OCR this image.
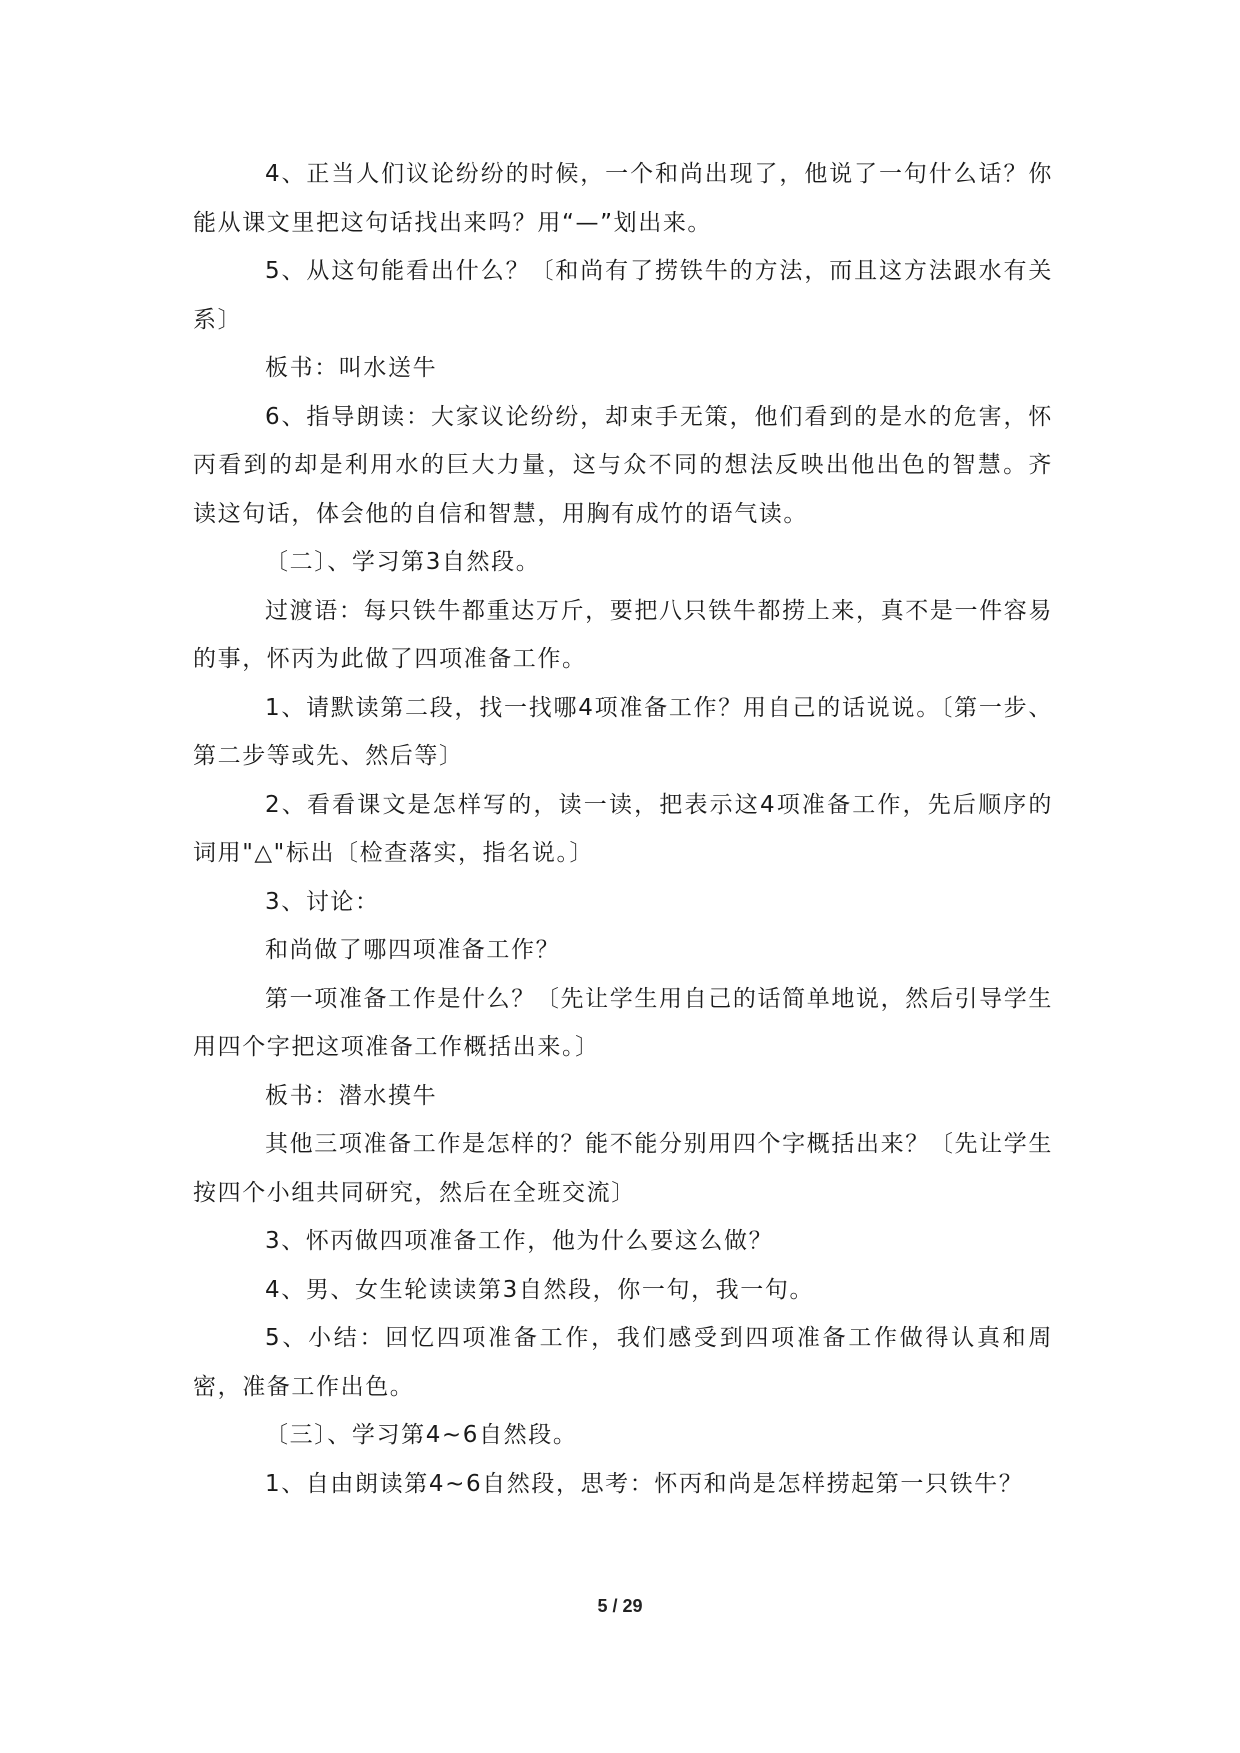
4、正当人们议论纷纷的时候，一个和尚出现了，他说了一句什么话？你能从课文里把这句话找出来吗？用“—”划出来。

5、从这句能看出什么？〔和尚有了捞铁牛的方法，而且这方法跟水有关系〕

板书：叫水送牛

6、指导朗读：大家议论纷纷，却束手无策，他们看到的是水的危害，怀丙看到的却是利用水的巨大力量，这与众不同的想法反映出他出色的智慧。齐读这句话，体会他的自信和智慧，用胸有成竹的语气读。

〔二〕、学习第3自然段。

过渡语：每只铁牛都重达万斤，要把八只铁牛都捞上来，真不是一件容易的事，怀丙为此做了四项准备工作。

1、请默读第二段，找一找哪4项准备工作？用自己的话说说。〔第一步、第二步等或先、然后等〕

2、看看课文是怎样写的，读一读，把表示这4项准备工作，先后顺序的词用"△"标出〔检查落实，指名说。〕

3、讨论：

和尚做了哪四项准备工作？

第一项准备工作是什么？〔先让学生用自己的话简单地说，然后引导学生用四个字把这项准备工作概括出来。〕

板书：潜水摸牛

其他三项准备工作是怎样的？能不能分别用四个字概括出来？〔先让学生按四个小组共同研究，然后在全班交流〕

3、怀丙做四项准备工作，他为什么要这么做？

4、男、女生轮读读第3自然段，你一句，我一句。

5、小结：回忆四项准备工作，我们感受到四项准备工作做得认真和周密，准备工作出色。

〔三〕、学习第4~6自然段。

1、自由朗读第4~6自然段，思考：怀丙和尚是怎样捞起第一只铁牛？

5 / 29
